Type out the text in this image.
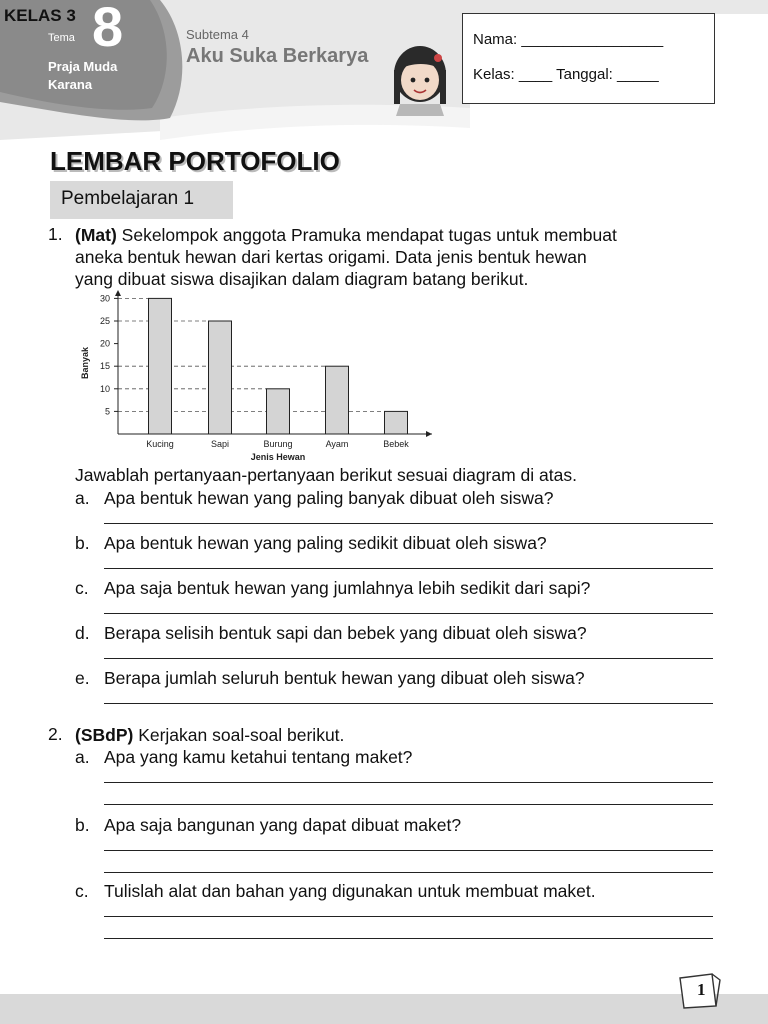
KELAS 3
Tema 8
Praja Muda
Karana
Subtema 4
Aku Suka Berkarya
Nama: _________________
Kelas: ____ Tanggal: _____
LEMBAR PORTOFOLIO
Pembelajaran 1
1. (Mat) Sekelompok anggota Pramuka mendapat tugas untuk membuat
aneka bentuk hewan dari kertas origami. Data jenis bentuk hewan
yang dibuat siswa disajikan dalam diagram batang berikut.
5
10
15
20
25
30
Kucing	Sapi	Burung	Ayam	Bebek
Jenis Hewan
Banyak
Jawablah pertanyaan-pertanyaan berikut sesuai diagram di atas.
a. Apa bentuk hewan yang paling banyak dibuat oleh siswa?
b. Apa bentuk hewan yang paling sedikit dibuat oleh siswa?
c. Apa saja bentuk hewan yang jumlahnya lebih sedikit dari sapi?
d. Berapa selisih bentuk sapi dan bebek yang dibuat oleh siswa?
e. Berapa jumlah seluruh bentuk hewan yang dibuat oleh siswa?
2. (SBdP) Kerjakan soal-soal berikut.
a. Apa yang kamu ketahui tentang maket?
b. Apa saja bangunan yang dapat dibuat maket?
c. Tulislah alat dan bahan yang digunakan untuk membuat maket.
1
